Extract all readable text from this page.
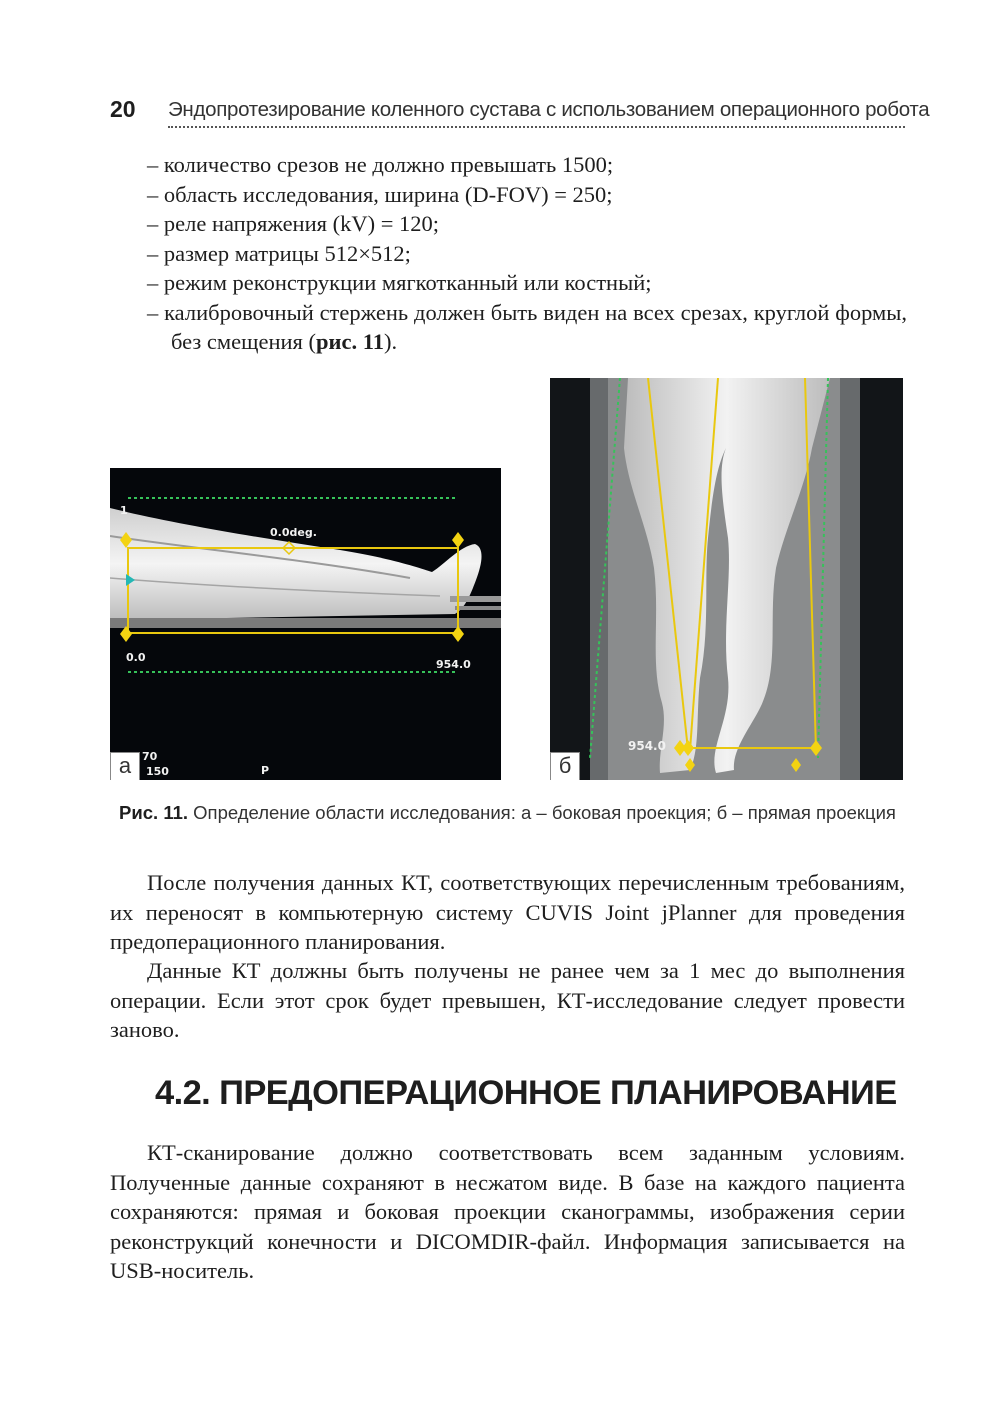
20 Эндопротезирование коленного сустава с использованием операционного робота
– количество срезов не должно превышать 1500;
– область исследования, ширина (D-FOV) = 250;
– реле напряжения (kV) = 120;
– размер матрицы 512×512;
– режим реконструкции мягкотканный или костный;
– калибровочный стержень должен быть виден на всех срезах, круглой формы, без смещения (рис. 11).
1
0.0deg.
0.0
954.0
70
150	P
а
954.0
б
Рис. 11. Определение области исследования: а – боковая проекция; б – прямая проекция

После получения данных КТ, соответствующих перечисленным требованиям, их переносят в компьютерную систему CUVIS Joint jPlanner для проведения предоперационного планирования.

Данные КТ должны быть получены не ранее чем за 1 мес до выполнения операции. Если этот срок будет превышен, КТ-исследование следует провести заново.

4.2. ПРЕДОПЕРАЦИОННОЕ ПЛАНИРОВАНИЕ

КТ-сканирование должно соответствовать всем заданным условиям. Полученные данные сохраняют в несжатом виде. В базе на каждого пациента сохраняются: прямая и боковая проекции сканограммы, изображения серии реконструкций конечности и DICOMDIR-файл. Информация записывается на USB-носитель.
